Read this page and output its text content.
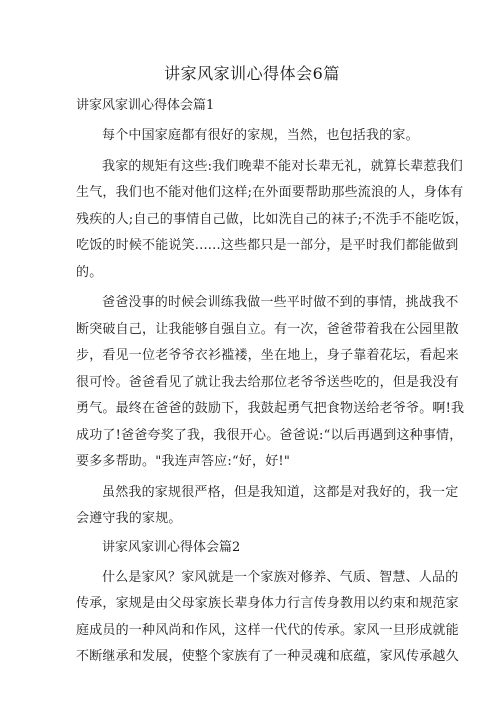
讲家风家训心得体会6篇
讲家风家训心得体会篇1
每个中国家庭都有很好的家规，当然，也包括我的家。
我家的规矩有这些:我们晚辈不能对长辈无礼，就算长辈惹我们
生气，我们也不能对他们这样;在外面要帮助那些流浪的人，身体有
残疾的人;自己的事情自己做，比如洗自己的袜子;不洗手不能吃饭，
吃饭的时候不能说笑......这些都只是一部分，是平时我们都能做到
的。
爸爸没事的时候会训练我做一些平时做不到的事情，挑战我不
断突破自己，让我能够自强自立。有一次，爸爸带着我在公园里散
步，看见一位老爷爷衣衫褴褛，坐在地上，身子靠着花坛，看起来
很可怜。爸爸看见了就让我去给那位老爷爷送些吃的，但是我没有
勇气。最终在爸爸的鼓励下，我鼓起勇气把食物送给老爷爷。啊!我
成功了!爸爸夸奖了我，我很开心。爸爸说:“以后再遇到这种事情，
要多多帮助。"我连声答应:“好，好!"
虽然我的家规很严格，但是我知道，这都是对我好的，我一定
会遵守我的家规。
讲家风家训心得体会篇2
什么是家风？家风就是一个家族对修养、气质、智慧、人品的
传承，家规是由父母家族长辈身体力行言传身教用以约束和规范家
庭成员的一种风尚和作风，这样一代代的传承。家风一旦形成就能
不断继承和发展，使整个家族有了一种灵魂和底蕴，家风传承越久
